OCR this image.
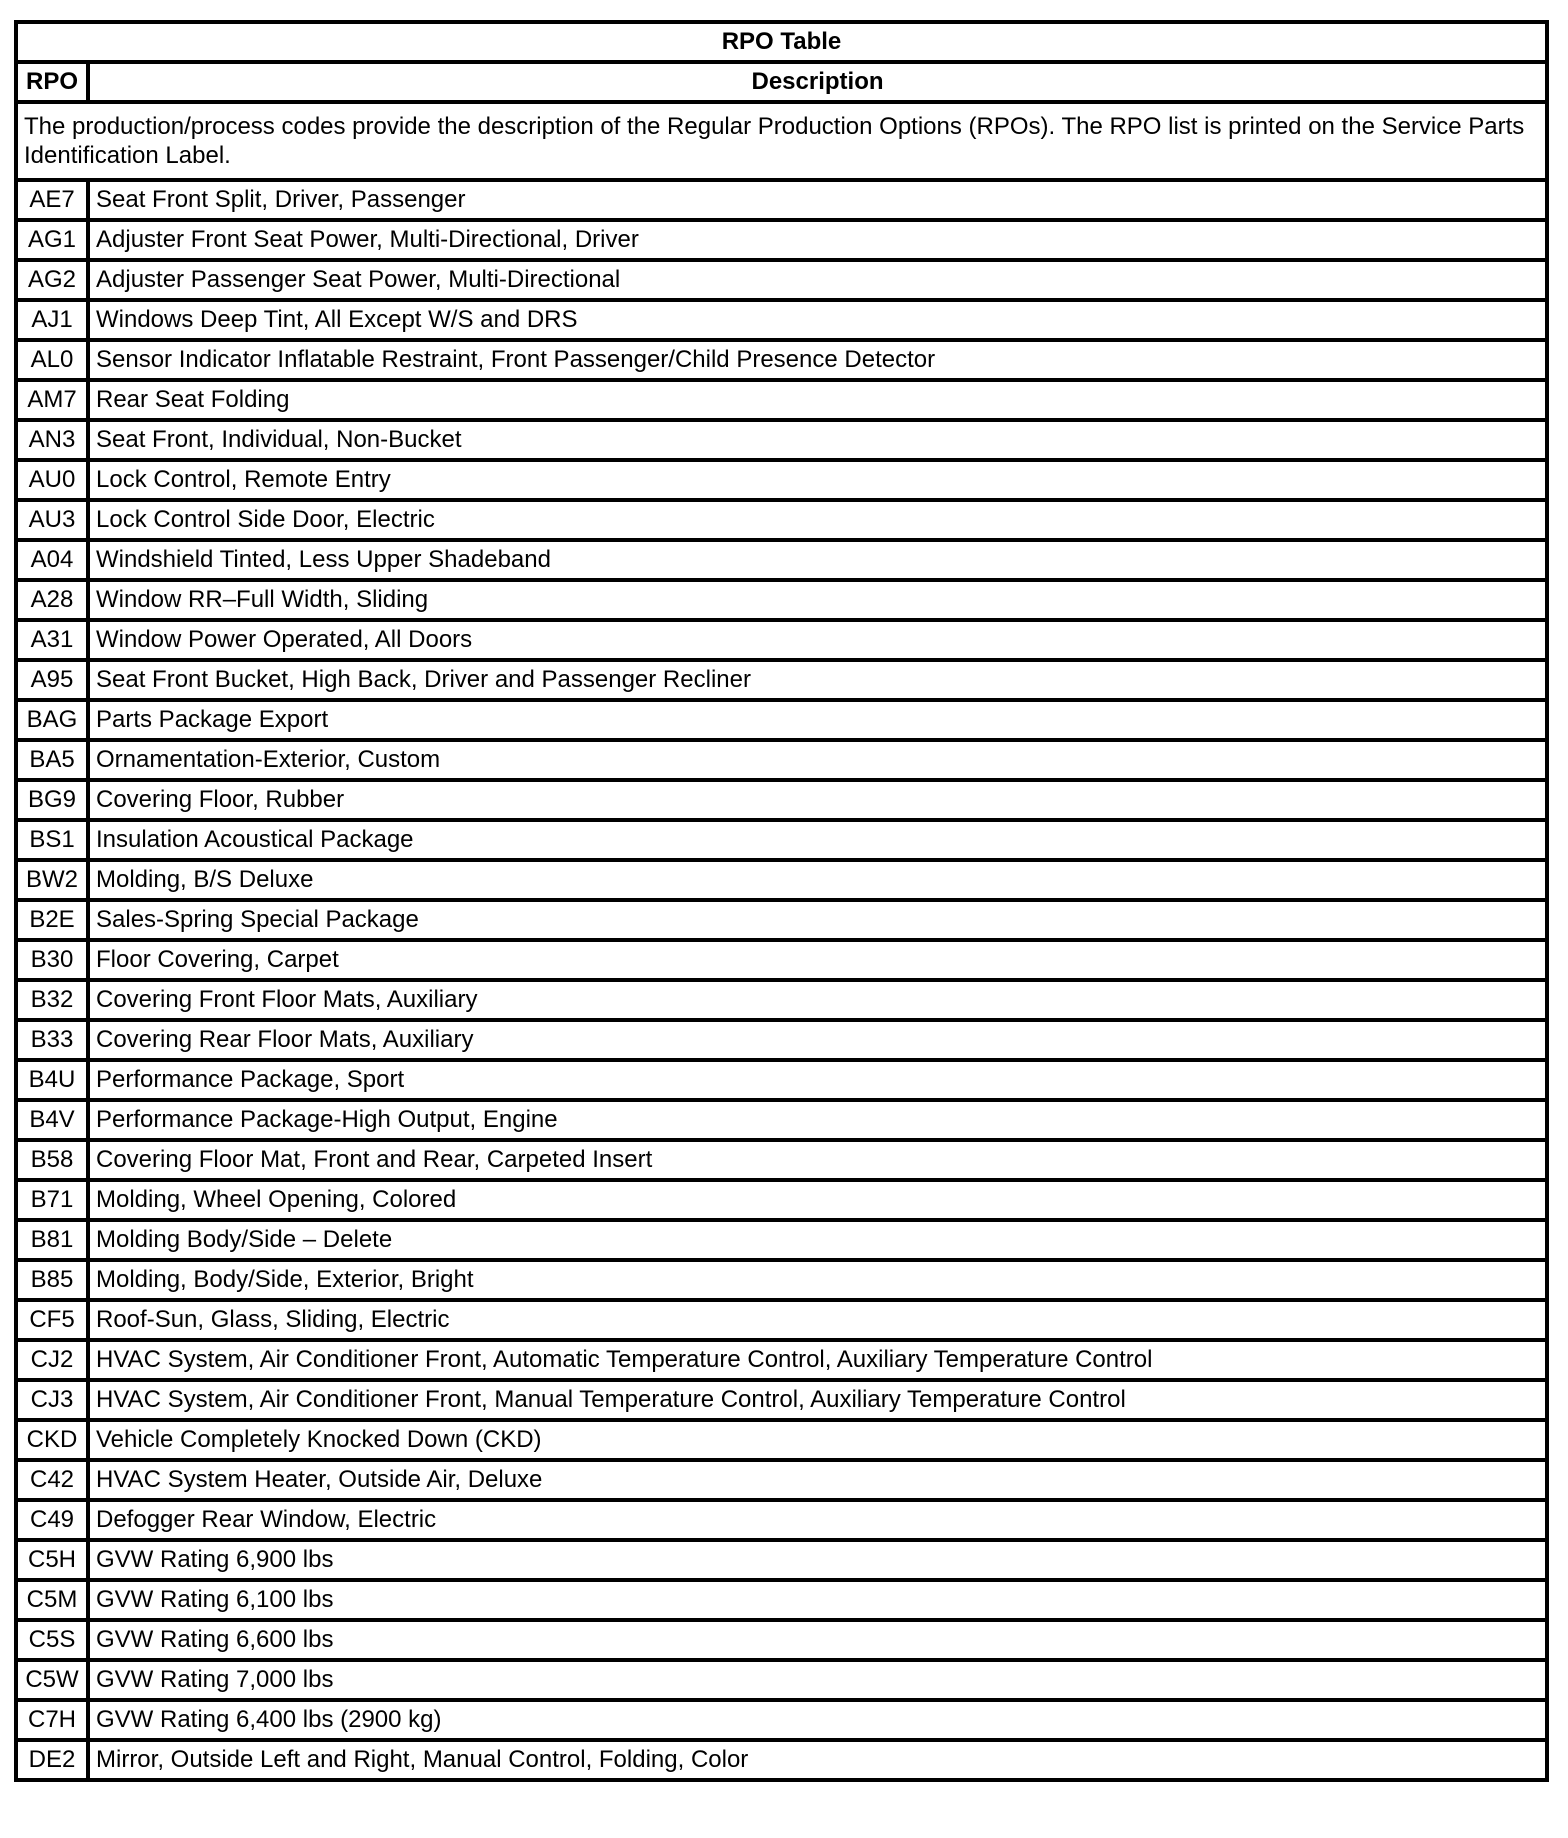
RPO Table	
RPO	Description
The production/process codes provide the description of the Regular Production Options (RPOs). The RPO list is printed on the Service Parts Identification Label.	
AE7	Seat Front Split, Driver, Passenger
AG1	Adjuster Front Seat Power, Multi-Directional, Driver
AG2	Adjuster Passenger Seat Power, Multi-Directional
AJ1	Windows Deep Tint, All Except W/S and DRS
AL0	Sensor Indicator Inflatable Restraint, Front Passenger/Child Presence Detector
AM7	Rear Seat Folding
AN3	Seat Front, Individual, Non-Bucket
AU0	Lock Control, Remote Entry
AU3	Lock Control Side Door, Electric
A04	Windshield Tinted, Less Upper Shadeband
A28	Window RR–Full Width, Sliding
A31	Window Power Operated, All Doors
A95	Seat Front Bucket, High Back, Driver and Passenger Recliner
BAG	Parts Package Export
BA5	Ornamentation-Exterior, Custom
BG9	Covering Floor, Rubber
BS1	Insulation Acoustical Package
BW2	Molding, B/S Deluxe
B2E	Sales-Spring Special Package
B30	Floor Covering, Carpet
B32	Covering Front Floor Mats, Auxiliary
B33	Covering Rear Floor Mats, Auxiliary
B4U	Performance Package, Sport
B4V	Performance Package-High Output, Engine
B58	Covering Floor Mat, Front and Rear, Carpeted Insert
B71	Molding, Wheel Opening, Colored
B81	Molding Body/Side – Delete
B85	Molding, Body/Side, Exterior, Bright
CF5	Roof-Sun, Glass, Sliding, Electric
CJ2	HVAC System, Air Conditioner Front, Automatic Temperature Control, Auxiliary Temperature Control
CJ3	HVAC System, Air Conditioner Front, Manual Temperature Control, Auxiliary Temperature Control
CKD	Vehicle Completely Knocked Down (CKD)
C42	HVAC System Heater, Outside Air, Deluxe
C49	Defogger Rear Window, Electric
C5H	GVW Rating 6,900 lbs
C5M	GVW Rating 6,100 lbs
C5S	GVW Rating 6,600 lbs
C5W	GVW Rating 7,000 lbs
C7H	GVW Rating 6,400 lbs (2900 kg)
DE2	Mirror, Outside Left and Right, Manual Control, Folding, Color
